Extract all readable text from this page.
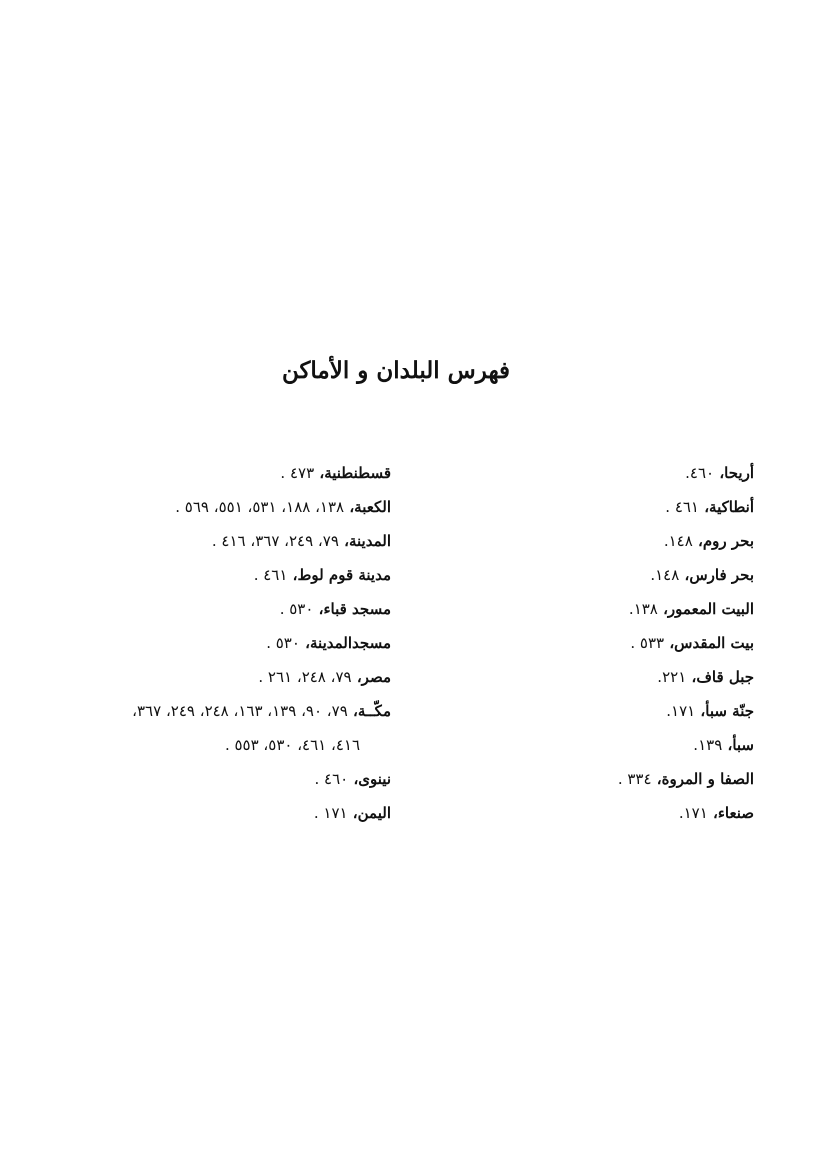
فهرس البلدان و الأماكن
أريحا، ٤٦٠.
أنطاكية، ٤٦١ .
بحر روم، ١٤٨.
بحر فارس، ١٤٨.
البيت المعمور، ١٣٨.
بيت المقدس، ٥٣٣ .
جبل قاف، ٢٢١.
جنّة سبأ، ١٧١.
سبأ، ١٣٩.
الصفا و المروة، ٣٣٤ .
صنعاء، ١٧١.
قسطنطنية، ٤٧٣ .
الكعبة، ١٣٨، ١٨٨، ٥٣١، ٥٥١، ٥٦٩ .
المدينة، ٧٩، ٢٤٩، ٣٦٧، ٤١٦ .
مدينة قوم لوط، ٤٦١ .
مسجد قباء، ٥٣٠ .
مسجدالمدينة، ٥٣٠ .
مصر، ٧٩، ٢٤٨، ٢٦١ .
مكّــة، ٧٩، ٩٠، ١٣٩، ١٦٣، ٢٤٨، ٢٤٩، ٣٦٧،
٤١٦، ٤٦١، ٥٣٠، ٥٥٣ .
نينوى، ٤٦٠ .
اليمن، ١٧١ .
